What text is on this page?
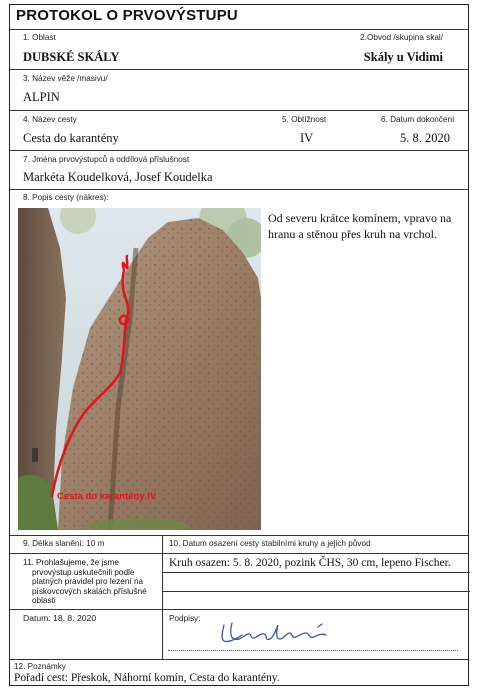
PROTOKOL O PRVOVÝSTUPU
1. Oblast
DUBSKÉ SKÁLY
2.Obvod /skupina skal/
Skály u Vidimi
3. Název věže /masivu/
ALPIN
4. Název cesty
Cesta do karantény
5. Obtížnost
IV
6. Datum dokončení
5. 8. 2020
7. Jména prvovýstupců a oddílová příslušnost
Markéta Koudelková, Josef Koudelka
8. Popis cesty (nákres):
Cesta do karantény IV
Od severu krátce komínem, vpravo na hranu a stěnou přes kruh na vrchol.
9. Délka slanění: 10 m	10. Datum osazení cesty stabilními kruhy a jejich původ
11. Prohlašujeme, že jsme
prvovýstup uskutečnili podle
platných pravidel pro lezení na
pískovcových skalách příslušné
oblasti
Kruh osazen: 5. 8. 2020, pozink ČHS, 30 cm, lepeno Fischer.
Datum: 18. 8. 2020	Podpisy:
12. Poznámky
Pořadí cest: Přeskok, Náhorní komín, Cesta do karantény.
